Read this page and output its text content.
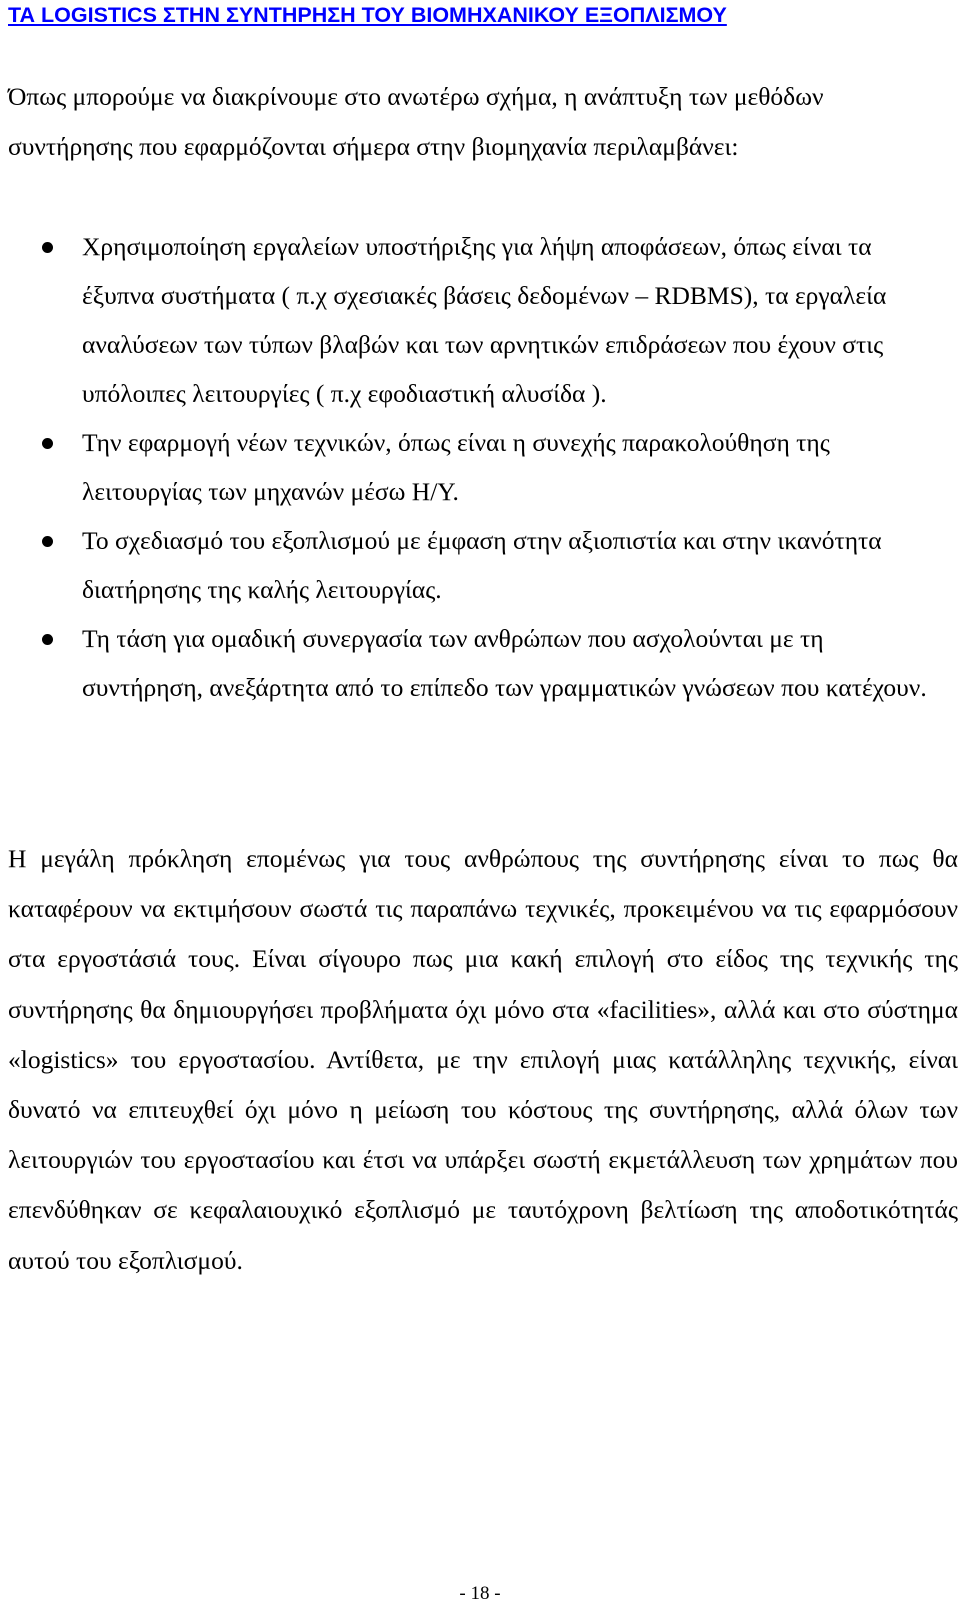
ΤΑ LOGISTICS ΣΤΗΝ ΣΥΝΤΗΡΗΣΗ ΤΟΥ ΒΙΟΜΗΧΑΝΙΚΟΥ ΕΞΟΠΛΙΣΜΟΥ

Όπως μπορούμε να διακρίνουμε στο ανωτέρω σχήμα, η ανάπτυξη των μεθόδων συντήρησης που εφαρμόζονται σήμερα στην βιομηχανία περιλαμβάνει:

Χρησιμοποίηση εργαλείων υποστήριξης για λήψη αποφάσεων, όπως είναι τα έξυπνα συστήματα ( π.χ σχεσιακές βάσεις δεδομένων – RDBMS), τα εργαλεία αναλύσεων των τύπων βλαβών και των αρνητικών επιδράσεων που έχουν στις υπόλοιπες λειτουργίες ( π.χ εφοδιαστική αλυσίδα ).
Την εφαρμογή νέων τεχνικών, όπως είναι η συνεχής παρακολούθηση της λειτουργίας των μηχανών μέσω Η/Υ.
Το σχεδιασμό του εξοπλισμού με έμφαση στην αξιοπιστία και στην ικανότητα διατήρησης της καλής λειτουργίας.
Τη τάση για ομαδική συνεργασία των ανθρώπων που ασχολούνται με τη συντήρηση, ανεξάρτητα από το επίπεδο των γραμματικών γνώσεων που κατέχουν.

Η μεγάλη πρόκληση επομένως για τους ανθρώπους της συντήρησης είναι το πως θα καταφέρουν να εκτιμήσουν σωστά τις παραπάνω τεχνικές, προκειμένου να τις εφαρμόσουν στα εργοστάσιά τους. Είναι σίγουρο πως μια κακή επιλογή στο είδος της τεχνικής της συντήρησης θα δημιουργήσει προβλήματα όχι μόνο στα «facilities», αλλά και στο σύστημα «logistics» του εργοστασίου. Αντίθετα, με την επιλογή μιας κατάλληλης τεχνικής, είναι δυνατό να επιτευχθεί όχι μόνο η μείωση του κόστους της συντήρησης, αλλά όλων των λειτουργιών του εργοστασίου και έτσι να υπάρξει σωστή εκμετάλλευση των χρημάτων που επενδύθηκαν σε κεφαλαιουχικό εξοπλισμό με ταυτόχρονη βελτίωση της αποδοτικότητάς αυτού του εξοπλισμού.

- 18 -
